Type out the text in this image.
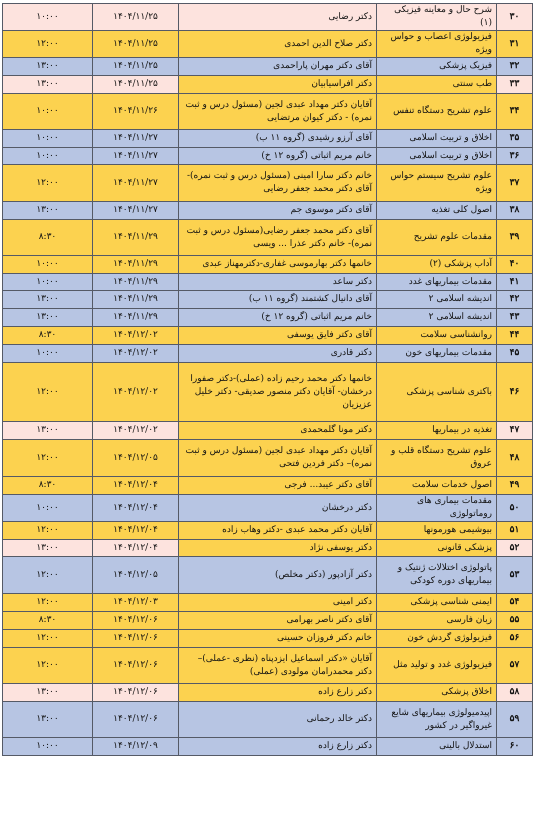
۳۰	شرح حال و معاینه فیزیکی (۱)	دکتر رضایی	۱۴۰۴/۱۱/۲۵	۱۰:۰۰
۳۱	فیزیولوژی اعصاب و حواس ویژه	دکتر صلاح الدین احمدی	۱۴۰۴/۱۱/۲۵	۱۲:۰۰
۳۲	فیزیک پزشکی	آقای دکتر مهران پاراحمدی	۱۴۰۴/۱۱/۲۵	۱۳:۰۰
۳۳	طب سنتی	دکتر افراسیابیان	۱۴۰۴/۱۱/۲۵	۱۳:۰۰
۳۴	علوم تشریح دستگاه تنفس	آقایان دکتر مهداد عبدی لجین (مسئول درس و ثبت نمره) - دکتر کیوان مرتضایی	۱۴۰۴/۱۱/۲۶	۱۰:۰۰
۳۵	اخلاق و تربیت اسلامی	آقای آرزو رشیدی (گروه ۱۱ ب)	۱۴۰۴/۱۱/۲۷	۱۰:۰۰
۳۶	اخلاق و تربیت اسلامی	خانم مریم اثباتی (گروه ۱۲ خ)	۱۴۰۴/۱۱/۲۷	۱۰:۰۰
۳۷	علوم تشریح سیستم حواس ویژه	خانم دکتر سارا امینی (مسئول درس و ثبت نمره)-آقای دکتر محمد جعفر رضایی	۱۴۰۴/۱۱/۲۷	۱۲:۰۰
۳۸	اصول کلی تغذیه	آقای دکتر موسوی جم	۱۴۰۴/۱۱/۲۷	۱۳:۰۰
۳۹	مقدمات علوم تشریح	آقای دکتر محمد جعفر رضایی(مسئول درس و ثبت نمره)- خانم دکتر عذرا ... ویسی	۱۴۰۴/۱۱/۲۹	۸:۳۰
۴۰	آداب پزشکی (۲)	خانمها دکتر بهارموسی غفاری-دکترمهناز عبدی	۱۴۰۴/۱۱/۲۹	۱۰:۰۰
۴۱	مقدمات بیماریهای غدد	دکتر ساعد	۱۴۰۴/۱۱/۲۹	۱۰:۰۰
۴۲	اندیشه اسلامی ۲	آقای دانیال کشتمند (گروه ۱۱ ب)	۱۴۰۴/۱۱/۲۹	۱۳:۰۰
۴۳	اندیشه اسلامی ۲	خانم مریم اثباتی (گروه ۱۲ خ)	۱۴۰۴/۱۱/۲۹	۱۳:۰۰
۴۴	روانشناسی سلامت	آقای دکتر فایق یوسفی	۱۴۰۴/۱۲/۰۲	۸:۳۰
۴۵	مقدمات بیماریهای خون	دکتر قادری	۱۴۰۴/۱۲/۰۲	۱۰:۰۰
۴۶	باکتری شناسی پزشکی	خانمها دکتر محمد رحیم زاده (عملی)-دکتر صفورا درخشان- آقایان دکتر منصور صدیقی- دکتر خلیل عزیزیان	۱۴۰۴/۱۲/۰۲	۱۲:۰۰
۴۷	تغذیه در بیماریها	دکتر مونا گلمحمدی	۱۴۰۴/۱۲/۰۲	۱۳:۰۰
۴۸	علوم تشریح دستگاه قلب و عروق	آقایان دکتر مهداد عبدی لجین (مسئول درس و ثبت نمره)– دکتر فردین فتحی	۱۴۰۴/۱۲/۰۵	۱۲:۰۰
۴۹	اصول خدمات سلامت	آقای دکتر عیبد... فرجی	۱۴۰۴/۱۲/۰۴	۸:۳۰
۵۰	مقدمات بیماری های روماتولوژی	دکتر درخشان	۱۴۰۴/۱۲/۰۴	۱۰:۰۰
۵۱	بیوشیمی هورمونها	آقایان دکتر محمد عبدی -دکتر وهاب زاده	۱۴۰۴/۱۲/۰۴	۱۲:۰۰
۵۲	پزشکی قانونی	دکتر یوسفی نژاد	۱۴۰۴/۱۲/۰۴	۱۳:۰۰
۵۳	پاتولوژی اختلالات ژنتیک و بیماریهای دوره کودکی	دکتر آزادپور (دکتر مخلص)	۱۴۰۴/۱۲/۰۵	۱۲:۰۰
۵۴	ایمنی شناسی پزشکی	دکتر امینی	۱۴۰۴/۱۲/۰۳	۱۲:۰۰
۵۵	زبان فارسی	آقای دکتر ناصر بهرامی	۱۴۰۴/۱۲/۰۶	۸:۳۰
۵۶	فیزیولوژی گردش خون	خانم دکتر فروزان حسینی	۱۴۰۴/۱۲/۰۶	۱۲:۰۰
۵۷	فیزیولوژی غدد و تولید مثل	آقایان «دکتر اسماعیل ایزدپناه (نظری -عملی)– دکتر محمدرامان مولودی (عملی)	۱۴۰۴/۱۲/۰۶	۱۲:۰۰
۵۸	اخلاق پزشکی	دکتر زارع زاده	۱۴۰۴/۱۲/۰۶	۱۳:۰۰
۵۹	اپیدمیولوژی بیماریهای شایع غیرواگیر در کشور	دکتر خالد رحمانی	۱۴۰۴/۱۲/۰۶	۱۳:۰۰
۶۰	استدلال بالینی	دکتر زارع زاده	۱۴۰۴/۱۲/۰۹	۱۰:۰۰
